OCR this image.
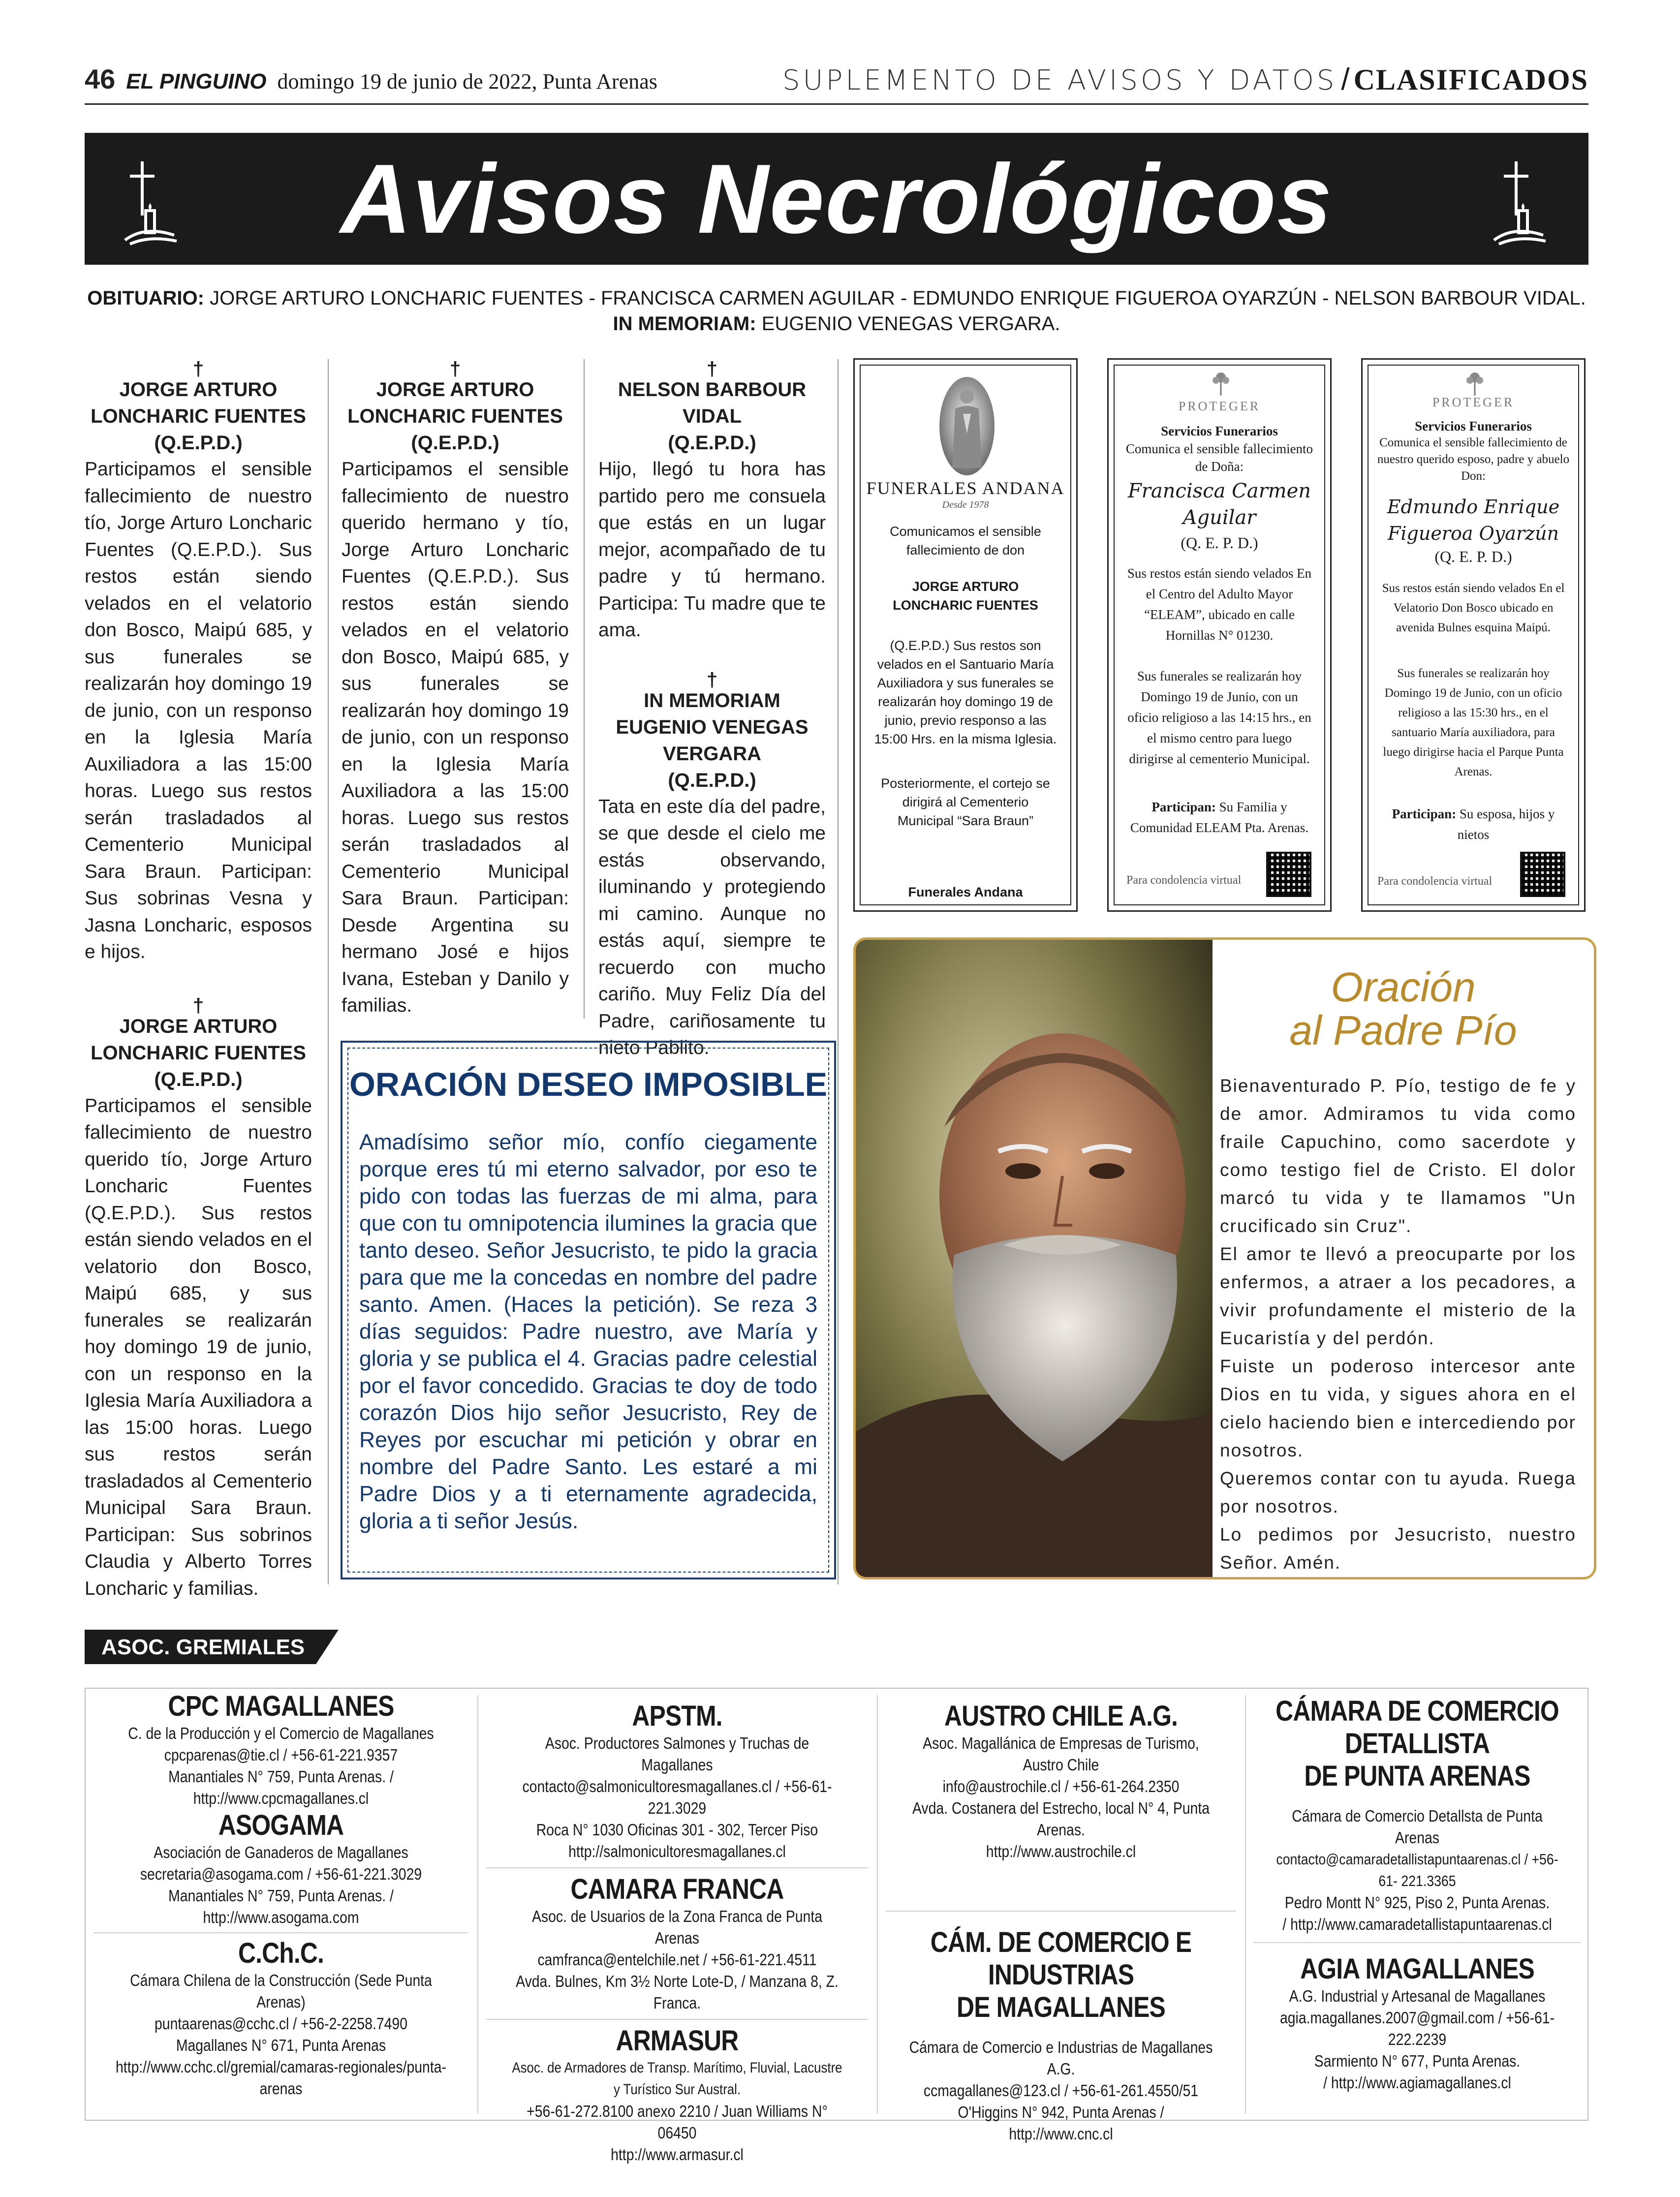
46 EL PINGUINO domingo 19 de junio de 2022, Punta Arenas	SUPLEMENTO DE AVISOS Y DATOS / CLASIFICADOS
Avisos Necrológicos
OBITUARIO: JORGE ARTURO LONCHARIC FUENTES - FRANCISCA CARMEN AGUILAR - EDMUNDO ENRIQUE FIGUEROA OYARZÚN - NELSON BARBOUR VIDAL.
IN MEMORIAM: EUGENIO VENEGAS VERGARA.
†
JORGE ARTURO
LONCHARIC FUENTES
(Q.E.P.D.)

Participamos el sensible fallecimiento de nuestro tío, Jorge Arturo Loncharic Fuentes (Q.E.P.D.). Sus restos están siendo velados en el velatorio don Bosco, Maipú 685, y sus funerales se realizarán hoy domingo 19 de junio, con un responso en la Iglesia María Auxiliadora a las 15:00 horas. Luego sus restos serán trasladados al Cementerio Municipal Sara Braun. Participan: Sus sobrinas Vesna y Jasna Loncharic, esposos e hijos.

†
JORGE ARTURO
LONCHARIC FUENTES
(Q.E.P.D.)

Participamos el sensible fallecimiento de nuestro querido tío, Jorge Arturo Loncharic Fuentes (Q.E.P.D.). Sus restos están siendo velados en el velatorio don Bosco, Maipú 685, y sus funerales se realizarán hoy domingo 19 de junio, con un responso en la Iglesia María Auxiliadora a las 15:00 horas. Luego sus restos serán trasladados al Cementerio Municipal Sara Braun. Participan: Sus sobrinos Claudia y Alberto Torres Loncharic y familias.

†
JORGE ARTURO
LONCHARIC FUENTES
(Q.E.P.D.)

Participamos el sensible fallecimiento de nuestro querido hermano y tío, Jorge Arturo Loncharic Fuentes (Q.E.P.D.). Sus restos están siendo velados en el velatorio don Bosco, Maipú 685, y sus funerales se realizarán hoy domingo 19 de junio, con un responso en la Iglesia María Auxiliadora a las 15:00 horas. Luego sus restos serán trasladados al Cementerio Municipal Sara Braun. Participan: Desde Argentina su hermano José e hijos Ivana, Esteban y Danilo y familias.

†
NELSON BARBOUR
VIDAL
(Q.E.P.D.)

Hijo, llegó tu hora has partido pero me consuela que estás en un lugar mejor, acompañado de tu padre y tú hermano. Participa: Tu madre que te ama.

†
IN MEMORIAM
EUGENIO VENEGAS
VERGARA
(Q.E.P.D.)

Tata en este día del padre, se que desde el cielo me estás observando, iluminando y protegiendo mi camino. Aunque no estás aquí, siempre te recuerdo con mucho cariño. Muy Feliz Día del Padre, cariñosamente tu nieto Pablito.

FUNERALES ANDANA
Desde 1978
Comunicamos el sensible fallecimiento de don
JORGE ARTURO
LONCHARIC FUENTES
(Q.E.P.D.) Sus restos son velados en el Santuario María Auxiliadora y sus funerales se realizarán hoy domingo 19 de junio, previo responso a las 15:00 Hrs. en la misma Iglesia.
Posteriormente, el cortejo se dirigirá al Cementerio Municipal “Sara Braun”
Funerales Andana
PROTEGER
Servicios Funerarios
Comunica el sensible fallecimiento de Doña:
Francisca Carmen Aguilar
(Q. E. P. D.)
Sus restos están siendo velados En el Centro del Adulto Mayor “ELEAM”, ubicado en calle Hornillas N° 01230.
Sus funerales se realizarán hoy Domingo 19 de Junio, con un oficio religioso a las 14:15 hrs., en el mismo centro para luego dirigirse al cementerio Municipal.
Participan: Su Familia y Comunidad ELEAM Pta. Arenas.
Para condolencia virtual
PROTEGER
Servicios Funerarios
Comunica el sensible fallecimiento de nuestro querido esposo, padre y abuelo Don:
Edmundo Enrique Figueroa Oyarzún
(Q. E. P. D.)
Sus restos están siendo velados En el Velatorio Don Bosco ubicado en avenida Bulnes esquina Maipú.
Sus funerales se realizarán hoy Domingo 19 de Junio, con un oficio religioso a las 15:30 hrs., en el santuario María auxiliadora, para luego dirigirse hacia el Parque Punta Arenas.
Participan: Su esposa, hijos y nietos
Para condolencia virtual
ORACIÓN DESEO IMPOSIBLE
Amadísimo señor mío, confío ciegamente porque eres tú mi eterno salvador, por eso te pido con todas las fuerzas de mi alma, para que con tu omnipotencia ilumines la gracia que tanto deseo. Señor Jesucristo, te pido la gracia para que me la concedas en nombre del padre santo. Amen. (Haces la petición). Se reza 3 días seguidos: Padre nuestro, ave María y gloria y se publica el 4. Gracias padre celestial por el favor concedido. Gracias te doy de todo corazón Dios hijo señor Jesucristo, Rey de Reyes por escuchar mi petición y obrar en nombre del Padre Santo. Les estaré a mi Padre Dios y a ti eternamente agradecida, gloria a ti señor Jesús.
Oración
al Padre Pío

Bienaventurado P. Pío, testigo de fe y de amor. Admiramos tu vida como fraile Capuchino, como sacerdote y como testigo fiel de Cristo. El dolor marcó tu vida y te llamamos "Un crucificado sin Cruz".

El amor te llevó a preocuparte por los enfermos, a atraer a los pecadores, a vivir profundamente el misterio de la Eucaristía y del perdón.

Fuiste un poderoso intercesor ante Dios en tu vida, y sigues ahora en el cielo haciendo bien e intercediendo por nosotros.

Queremos contar con tu ayuda. Ruega por nosotros.

Lo pedimos por Jesucristo, nuestro Señor. Amén.

ASOC. GREMIALES
CPC MAGALLANES
C. de la Producción y el Comercio de Magallanes
cpcparenas@tie.cl / +56-61-221.9357
Manantiales N° 759, Punta Arenas. / http://www.cpcmagallanes.cl
ASOGAMA
Asociación de Ganaderos de Magallanes
secretaria@asogama.com / +56-61-221.3029
Manantiales N° 759, Punta Arenas. / http://www.asogama.com
C.Ch.C.
Cámara Chilena de la Construcción (Sede Punta Arenas)
puntaarenas@cchc.cl / +56-2-2258.7490
Magallanes N° 671, Punta Arenas
http://www.cchc.cl/gremial/camaras-regionales/punta-arenas
APSTM.
Asoc. Productores Salmones y Truchas de Magallanes
contacto@salmonicultoresmagallanes.cl / +56-61-221.3029
Roca N° 1030 Oficinas 301 - 302, Tercer Piso
http://salmonicultoresmagallanes.cl
CAMARA FRANCA
Asoc. de Usuarios de la Zona Franca de Punta Arenas
camfranca@entelchile.net / +56-61-221.4511
Avda. Bulnes, Km 3½ Norte Lote-D, / Manzana 8, Z. Franca.
ARMASUR
Asoc. de Armadores de Transp. Marítimo, Fluvial, Lacustre y Turístico Sur Austral.
+56-61-272.8100 anexo 2210 / Juan Williams N° 06450
http://www.armasur.cl
AUSTRO CHILE A.G.
Asoc. Magallánica de Empresas de Turismo, Austro Chile
info@austrochile.cl / +56-61-264.2350
Avda. Costanera del Estrecho, local N° 4, Punta Arenas.
http://www.austrochile.cl
CÁM. DE COMERCIO E INDUSTRIAS
DE MAGALLANES
Cámara de Comercio e Industrias de Magallanes A.G.
ccmagallanes@123.cl / +56-61-261.4550/51
O'Higgins N° 942, Punta Arenas / http://www.cnc.cl
CÁMARA DE COMERCIO DETALLISTA
DE PUNTA ARENAS
Cámara de Comercio Detallsta de Punta Arenas
contacto@camaradetallistapuntaarenas.cl / +56-61- 221.3365
Pedro Montt N° 925, Piso 2, Punta Arenas.
/ http://www.camaradetallistapuntaarenas.cl
AGIA MAGALLANES
A.G. Industrial y Artesanal de Magallanes
agia.magallanes.2007@gmail.com / +56-61-222.2239
Sarmiento N° 677, Punta Arenas.
/ http://www.agiamagallanes.cl
